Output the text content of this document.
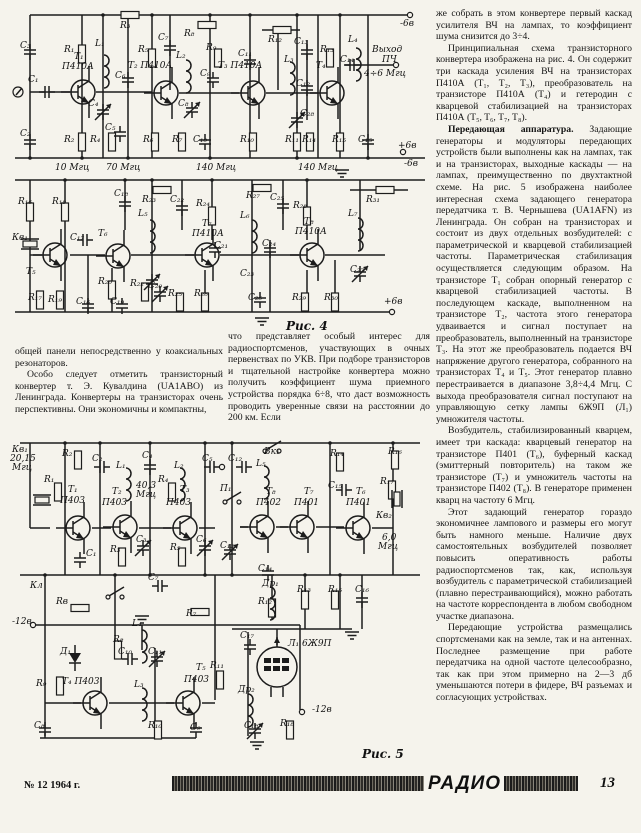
C₃
C₁
C₂
R₁
R₂
T₁
П410А
L₁
R₃
C₄
C₅
R₄
C₆
R₅
T₂ П410А
C₇ R₈
L₂
C₈
R₆ R₇
C₉
R₉
C₁₀
C₁₁
T₃ П410А
R₁₂
L₃
C₂₈
R₁₀	R₁₁
C₁₂
C₁₃
R₁₃
T₄
L₄
C₁₄
Выход
ПЧ
4÷6 Мгц
R₁₄ R₁₅ C₁₅
-6в
+6в
-6в
10 Мгц 70 Мгц	140 Мгц	140 Мгц
R₁₆ R₁₈
Кв₁	C₁₇ T₆
C₁₈
R₂₃
L₅
C₂₂ R₂₄
T₇
П410А
C₂₁
T₅
R₁₇ R₁₉ C₁₆
R₂₀
C₁₉
R₂₂ C₂₀
R₂₅ R₂₆
R₂₇
L₆
C₂₅
R₂₈
T₈
П410А
C₂₄
C₂₃
C₂₆	R₂₉ R₃₀
C₂₇
L₇
R₃₁
+6в
Кв₁
20,15
Мгц
R₂ C₂
L₁
C₄
40,3
Мгц
L₂
C₅
R₁
T₁
П403
T₂
П403
R₄
T₃
П403
C₁ R₃
C₃
R₅
C₆
Кл
Rв
-12в
Д₁
R₈
C₇
R₇
L₄
C₁₀ C₁₁
R₉ T₄ П403
C₈	R₁₀
T₅
П403
C₉
L₃
R₁₁
Вк₁
C₁₂ L₅
П₁	T₈
П402
T₇
П401
R₁₄
C₁₅
T₆
П401
R₁₆
R₁₇
Кв₂
6,0
Мгц
C₁₃
C₁₄
Др₁
R₁₂
R₁₃ R₁₅ C₁₆
C₁₇
Л₁ 6Ж9П
Др₂
-12в
C₁₈ R₁₈
Рис. 4
Рис. 5

общей панели непосредственно у коаксиальных резонаторов.

Особо следует отметить транзисторный конвертер т. Э. Кувалдина (UA1ABO) из Ленинграда. Конвертеры на транзисторах очень перспективны. Они экономичны и компактны,

что представляет особый интерес для радиоспортсменов, участвующих в очных первенствах по УКВ. При подборе транзисторов и тщательной настройке конвертера можно получить коэффициент шума приемного устройства порядка 6÷8, что даст возможность проводить уверенные связи на расстоянии до 200 км. Если

же собрать в этом конвертере первый каскад усилителя ВЧ на лампах, то коэффициент шума снизится до 3÷4.

Принципиальная схема транзисторного конвертера изображена на рис. 4. Он содержит три каскада усиления ВЧ на транзисторах П410А (T₁, T₂, T₃), преобразователь на транзисторе П410А (T₄) и гетеродин с кварцевой стабилизацией на транзисторах П410А (T₅, T₆, T₇, T₈).

Передающая аппаратура. Задающие генераторы и модуляторы передающих устройств были выполнены как на лампах, так и на транзисторах, выходные каскады — на лампах, преимущественно по двухтактной схеме. На рис. 5 изображена наиболее интересная схема задающего генератора передатчика т. В. Чернышева (UA1AFN) из Ленинграда. Он собран на транзисторах и состоит из двух отдельных возбудителей: с параметрической и кварцевой стабилизацией частоты. Параметрическая стабилизация осуществляется следующим образом. На транзисторе T₁ собран опорный генератор с кварцевой стабилизацией частоты. В последующем каскаде, выполненном на транзисторе T₂, частота этого генератора удваивается и сигнал поступает на преобразователь, выполненный на транзисторе T₃. На этот же преобразователь подается ВЧ напряжение другого генератора, собранного на транзисторах T₄ и T₅. Этот генератор плавно перестраивается в диапазоне 3,8÷4,4 Мгц. С выхода преобразователя сигнал поступают на управляющую сетку лампы 6Ж9П (Л₁) умножителя частоты.

Возбудитель, стабилизированный кварцем, имеет три каскада: кварцевый генератор на транзисторе П401 (T₆), буферный каскад (эмиттерный повторитель) на таком же транзисторе (T₇) и умножитель частоты на транзисторе П402 (T₈). В генераторе применен кварц на частоту 6 Мгц.

Этот задающий генератор гораздо экономичнее лампового и размеры его могут быть намного меньше. Наличие двух самостоятельных возбудителей позволяет повысить оперативность работы радиоспортсменов так, как, используя возбудитель с параметрической стабилизацией (плавно перестраивающийся), можно работать на частоте корреспондента в любом свободном участке диапазона.

Передающие устройства размещались спортсменами как на земле, так и на антеннах. Последнее размещение при работе передатчика на одной частоте целесообразно, так как при этом примерно на 2—3 дб уменьшаются потери в фидере, ВЧ разъемах и согласующих устройствах.

№ 12 1964 г.	РАДИО	13
